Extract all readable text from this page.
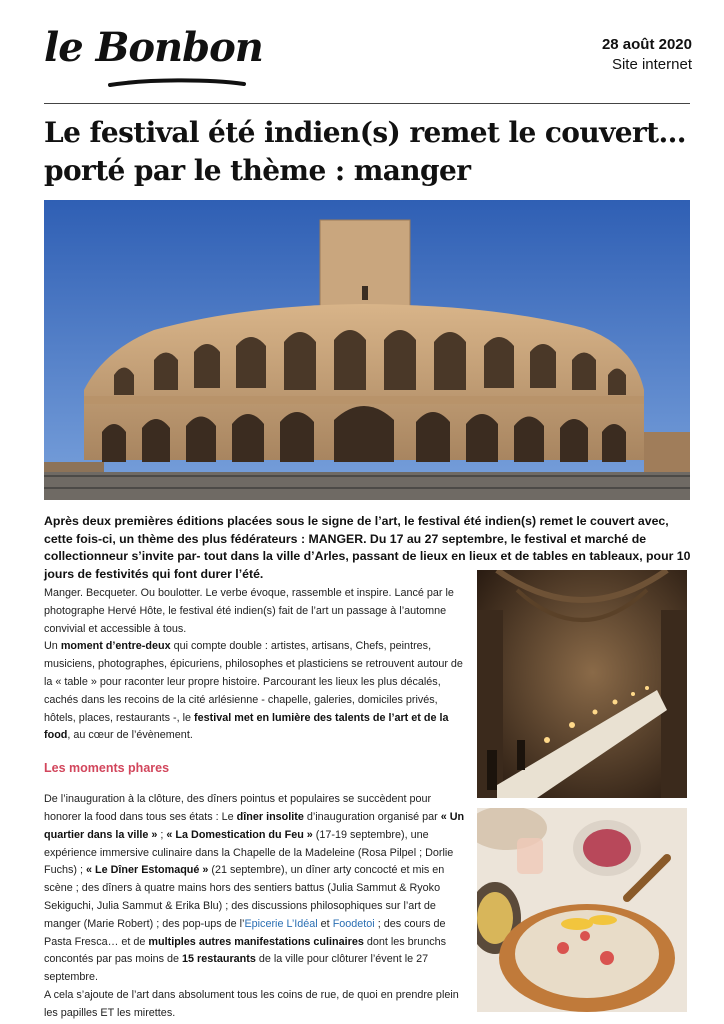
le Bonbon	28 août 2020
Site internet
Le festival été indien(s) remet le couvert… porté par le thème : manger

Après deux premières éditions placées sous le signe de l’art, le festival été indien(s) remet le couvert avec, cette fois-ci, un thème des plus fédérateurs : MANGER. Du 17 au 27 septembre, le festival et marché de collectionneur s’invite par- tout dans la ville d’Arles, passant de lieux en lieux et de tables en tableaux, pour 10 jours de festivités qui font durer l’été.

Manger. Becqueter. Ou boulotter. Le verbe évoque, rassemble et inspire. Lancé par le photographe Hervé Hôte, le festival été indien(s) fait de l’art un passage à l’automne convivial et accessible à tous.

Un moment d’entre-deux qui compte double : artistes, artisans, Chefs, peintres, musiciens, photographes, épicuriens, philosophes et plasticiens se retrouvent autour de la « table » pour raconter leur propre histoire. Parcourant les lieux les plus décalés, cachés dans les recoins de la cité arlésienne - chapelle, galeries, domiciles privés, hôtels, places, restaurants -, le festival met en lumière des talents de l’art et de la food, au cœur de l’évènement.

Les moments phares

De l’inauguration à la clôture, des dîners pointus et populaires se succèdent pour honorer la food dans tous ses états : Le dîner insolite d’inauguration organisé par « Un quartier dans la ville » ; « La Domestication du Feu » (17-19 septembre), une expérience immersive culinaire dans la Chapelle de la Madeleine (Rosa Pilpel ; Dorlie Fuchs) ; « Le Dîner Estomaqué » (21 septembre), un dîner arty concocté et mis en scène ; des dîners à quatre mains hors des sentiers battus (Julia Sammut & Ryoko Sekiguchi, Julia Sammut & Erika Blu) ; des discussions philosophiques sur l’art de manger (Marie Robert) ; des pop-ups de l’Epicerie L’Idéal et Foodetoi ; des cours de Pasta Fresca… et de multiples autres manifestations culinaires dont les brunchs concontés par pas moins de 15 restaurants de la ville pour clôturer l’évent le 27 septembre.

A cela s’ajoute de l’art dans absolument tous les coins de rue, de quoi en prendre plein les papilles ET les mirettes.
